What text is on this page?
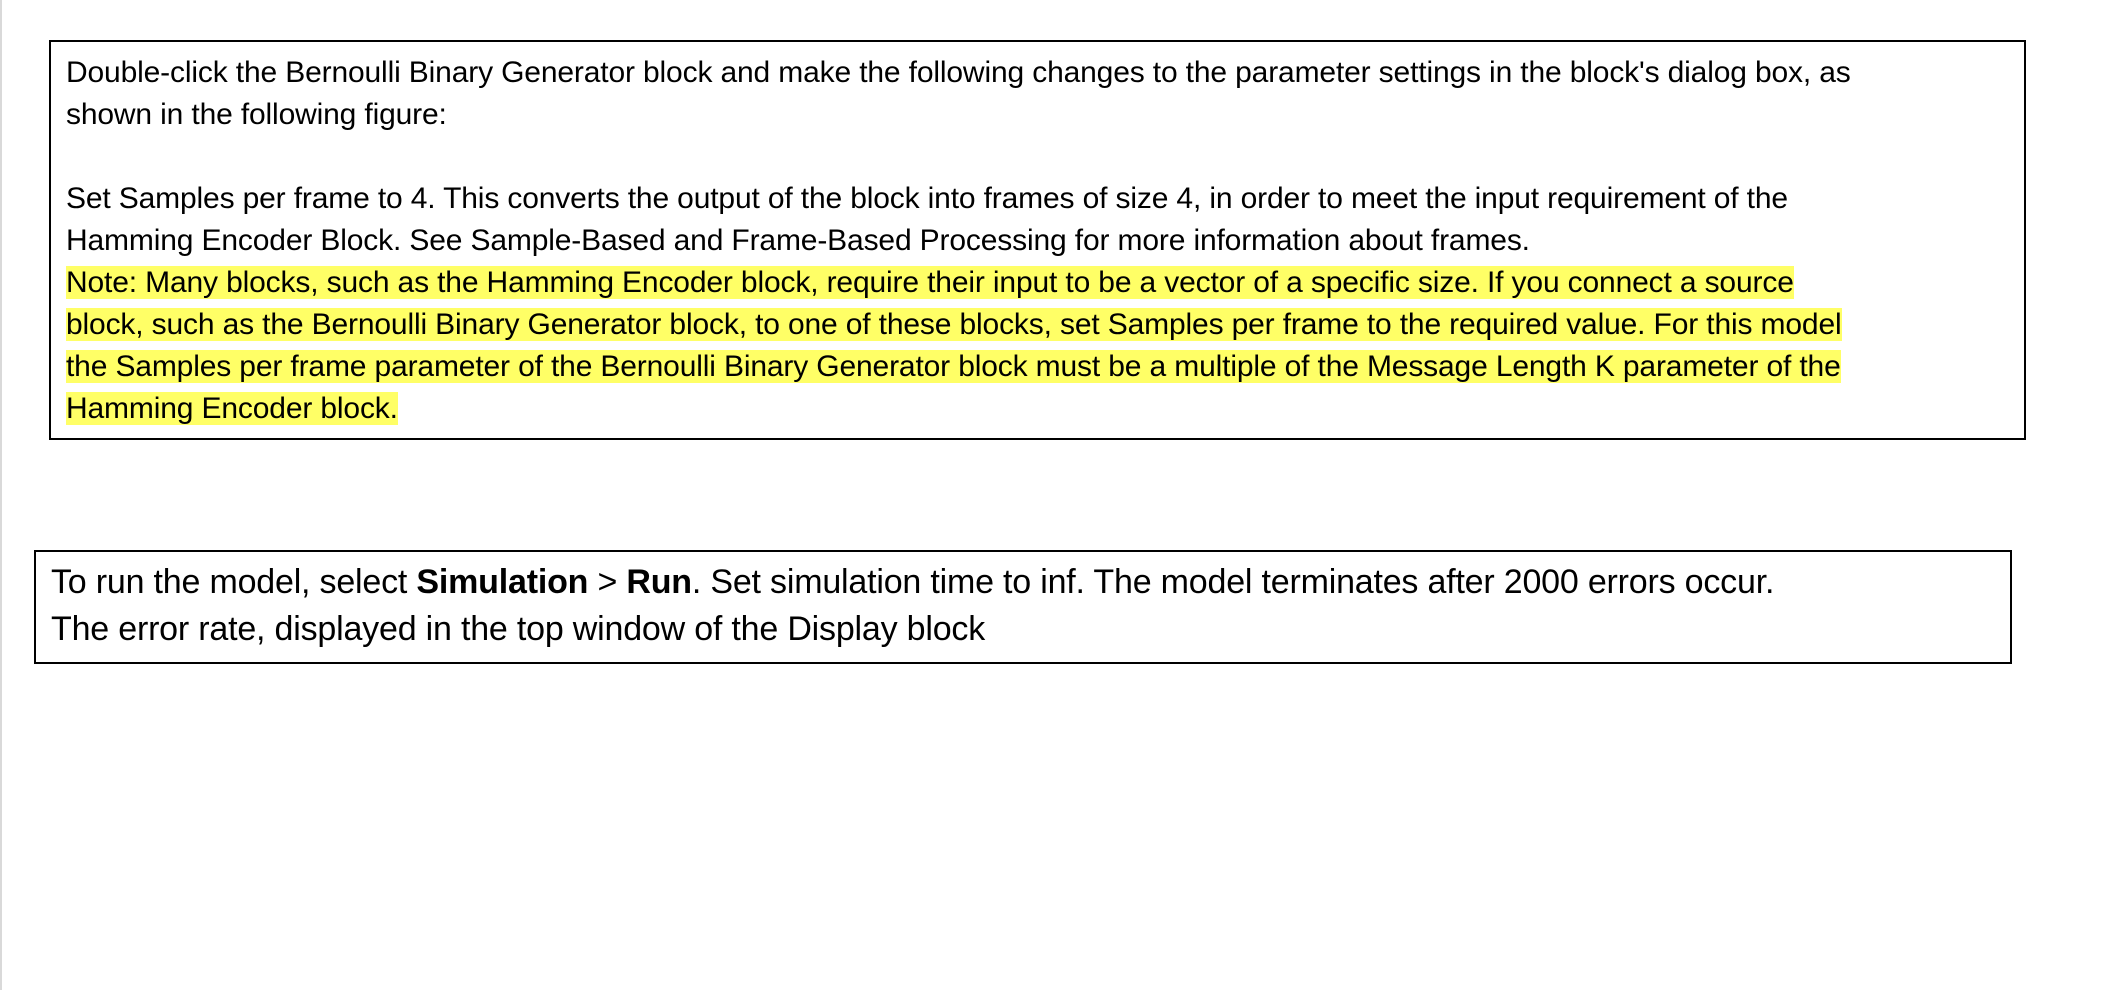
Double-click the Bernoulli Binary Generator block and make the following changes to the parameter settings in the block's dialog box, as

shown in the following figure:

Set Samples per frame to 4. This converts the output of the block into frames of size 4, in order to meet the input requirement of the

Hamming Encoder Block. See Sample-Based and Frame-Based Processing for more information about frames.

Note: Many blocks, such as the Hamming Encoder block, require their input to be a vector of a specific size. If you connect a source

block, such as the Bernoulli Binary Generator block, to one of these blocks, set Samples per frame to the required value. For this model

the Samples per frame parameter of the Bernoulli Binary Generator block must be a multiple of the Message Length K parameter of the

Hamming Encoder block.

To run the model, select Simulation > Run. Set simulation time to inf. The model terminates after 2000 errors occur.

The error rate, displayed in the top window of the Display block
